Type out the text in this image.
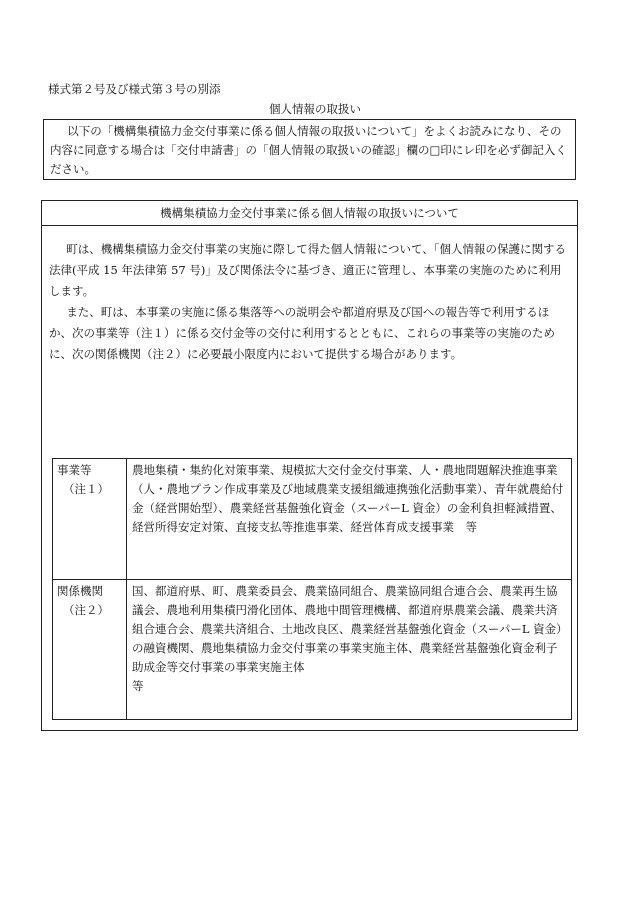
様式第２号及び様式第３号の別添
個人情報の取扱い

以下の「機構集積協力金交付事業に係る個人情報の取扱いについて」をよくお読みになり、その内容に同意する場合は「交付申請書」の「個人情報の取扱いの確認」欄の□印にレ印を必ず御記入ください。

機構集積協力金交付事業に係る個人情報の取扱いについて

町は、機構集積協力金交付事業の実施に際して得た個人情報について、「個人情報の保護に関する法律(平成 15 年法律第 57 号)」及び関係法令に基づき、適正に管理し、本事業の実施のために利用します。

また、町は、本事業の実施に係る集落等への説明会や都道府県及び国への報告等で利用するほか、次の事業等（注１）に係る交付金等の交付に利用するとともに、これらの事業等の実施のために、次の関係機関（注２）に必要最小限度内において提供する場合があります。

事業等
（注１）	農地集積・集約化対策事業、規模拡大交付金交付事業、人・農地問題解決推進事業（人・農地プラン作成事業及び地域農業支援組織連携強化活動事業）、青年就農給付金（経営開始型）、農業経営基盤強化資金（スーパーL 資金）の金利負担軽減措置、経営所得安定対策、直接支払等推進事業、経営体育成支援事業　等

関係機関
（注２）	国、都道府県、町、農業委員会、農業協同組合、農業協同組合連合会、農業再生協議会、農地利用集積円滑化団体、農地中間管理機構、都道府県農業会議、農業共済組合連合会、農業共済組合、土地改良区、農業経営基盤強化資金（スーパーL 資金）の融資機関、農地集積協力金交付事業の事業実施主体、農業経営基盤強化資金利子助成金等交付事業の事業実施主体
等
